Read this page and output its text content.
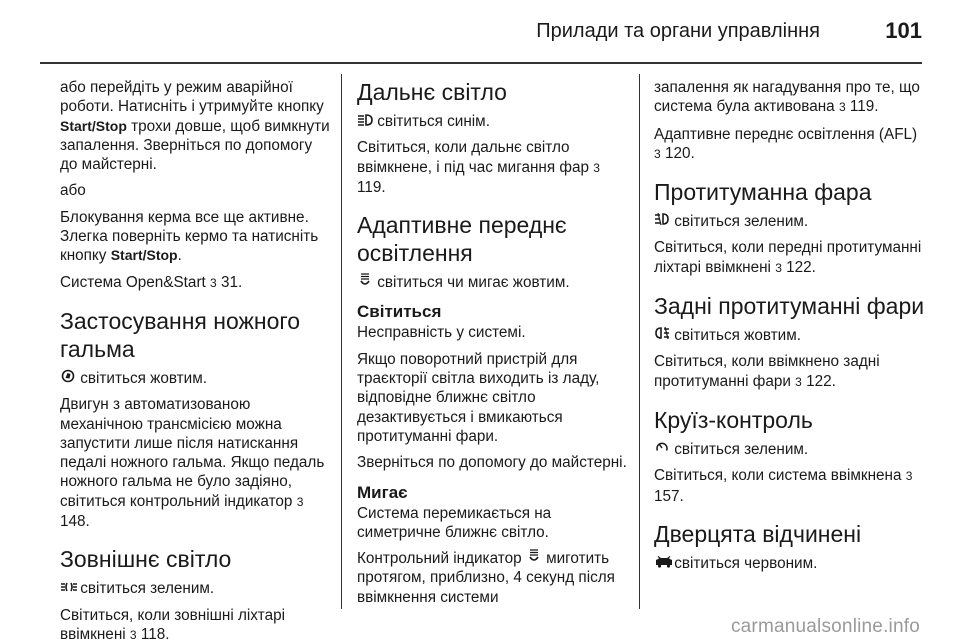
Прилади та органи управління	101

або перейдіть у режим аварійної роботи. Натисніть і утримуйте кнопку Start/Stop трохи довше, щоб вимкнути запалення. Зверніться по допомогу до майстерні.

або

Блокування керма все ще активне. Злегка поверніть кермо та натисніть кнопку Start/Stop.

Система Open&Start 3 31.

Застосування ножного гальма

світиться жовтим.

Двигун з автоматизованою механічною трансмісією можна запустити лише після натискання педалі ножного гальма. Якщо педаль ножного гальма не було задіяно, світиться контрольний індикатор 3 148.

Зовнішнє світло

світиться зеленим.

Світиться, коли зовнішні ліхтарі ввімкнені 3 118.

Дальнє світло

світиться синім.

Світиться, коли дальнє світло ввімкнене, і під час мигання фар 3 119.

Адаптивне переднє освітлення

світиться чи мигає жовтим.

Світиться

Несправність у системі.

Якщо поворотний пристрій для траєкторії світла виходить із ладу, відповідне ближнє світло дезактивується і вмикаються протитуманні фари.

Зверніться по допомогу до майстерні.

Мигає

Система перемикається на симетричне ближнє світло.

Контрольний індикатор  миготить протягом, приблизно, 4 секунд після ввімкнення системи

запалення як нагадування про те, що система була активована 3 119.

Адаптивне переднє освітлення (AFL) 3 120.

Протитуманна фара

світиться зеленим.

Світиться, коли передні протитуманні ліхтарі ввімкнені 3 122.

Задні протитуманні фари

світиться жовтим.

Світиться, коли ввімкнено задні протитуманні фари 3 122.

Круїз-контроль

світиться зеленим.

Світиться, коли система ввімкнена 3 157.

Дверцята відчинені

світиться червоним.

carmanualsonline.info
